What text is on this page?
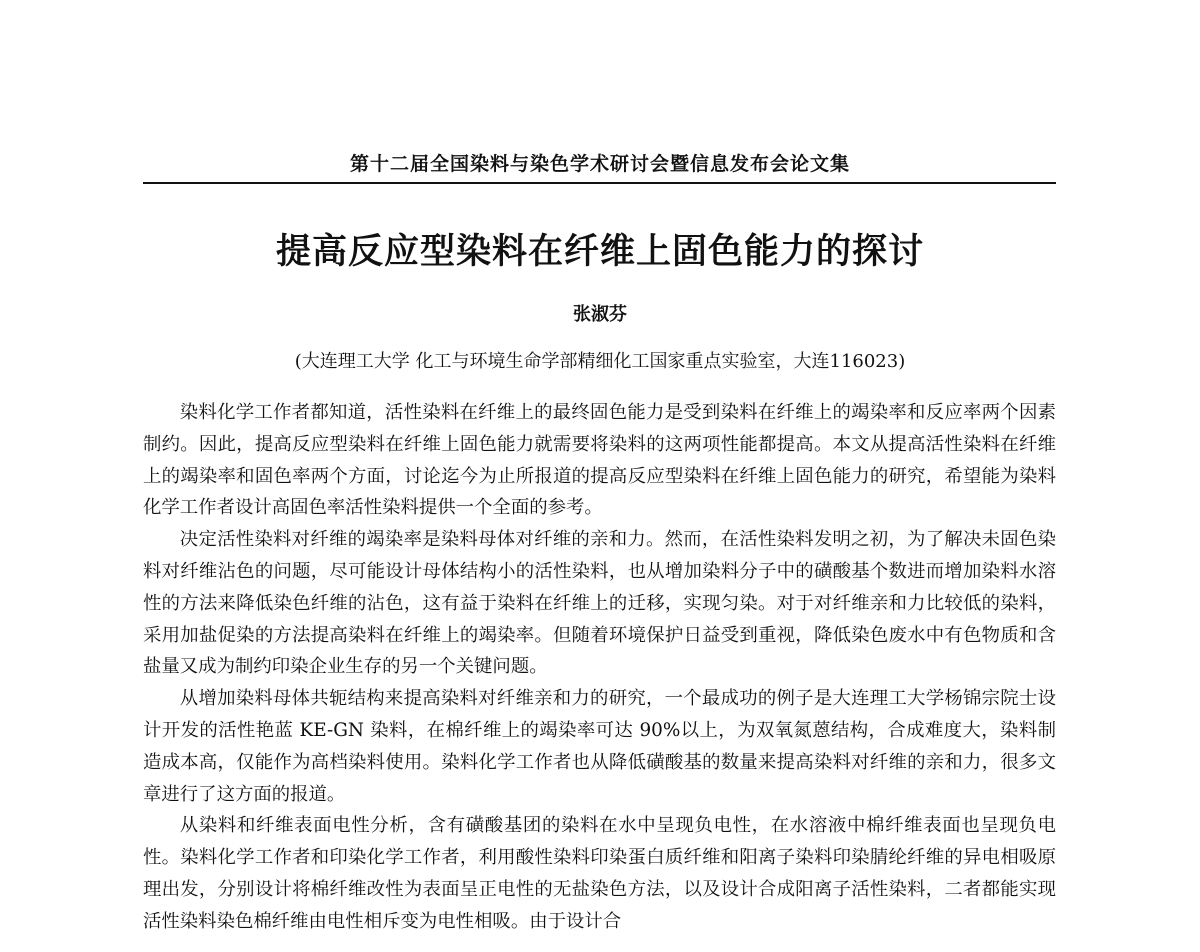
第十二届全国染料与染色学术研讨会暨信息发布会论文集
提高反应型染料在纤维上固色能力的探讨
张淑芬
(大连理工大学 化工与环境生命学部精细化工国家重点实验室，大连116023)

染料化学工作者都知道，活性染料在纤维上的最终固色能力是受到染料在纤维上的竭染率和反应率两个因素制约。因此，提高反应型染料在纤维上固色能力就需要将染料的这两项性能都提高。本文从提高活性染料在纤维上的竭染率和固色率两个方面，讨论迄今为止所报道的提高反应型染料在纤维上固色能力的研究，希望能为染料化学工作者设计高固色率活性染料提供一个全面的参考。

决定活性染料对纤维的竭染率是染料母体对纤维的亲和力。然而，在活性染料发明之初，为了解决未固色染料对纤维沾色的问题，尽可能设计母体结构小的活性染料，也从增加染料分子中的磺酸基个数进而增加染料水溶性的方法来降低染色纤维的沾色，这有益于染料在纤维上的迁移，实现匀染。对于对纤维亲和力比较低的染料，采用加盐促染的方法提高染料在纤维上的竭染率。但随着环境保护日益受到重视，降低染色废水中有色物质和含盐量又成为制约印染企业生存的另一个关键问题。

从增加染料母体共轭结构来提高染料对纤维亲和力的研究，一个最成功的例子是大连理工大学杨锦宗院士设计开发的活性艳蓝 KE-GN 染料，在棉纤维上的竭染率可达 90%以上，为双氧氮蒽结构，合成难度大，染料制造成本高，仅能作为高档染料使用。染料化学工作者也从降低磺酸基的数量来提高染料对纤维的亲和力，很多文章进行了这方面的报道。

从染料和纤维表面电性分析，含有磺酸基团的染料在水中呈现负电性，在水溶液中棉纤维表面也呈现负电性。染料化学工作者和印染化学工作者，利用酸性染料印染蛋白质纤维和阳离子染料印染腈纶纤维的异电相吸原理出发，分别设计将棉纤维改性为表面呈正电性的无盐染色方法，以及设计合成阳离子活性染料，二者都能实现活性染料染色棉纤维由电性相斥变为电性相吸。由于设计合
